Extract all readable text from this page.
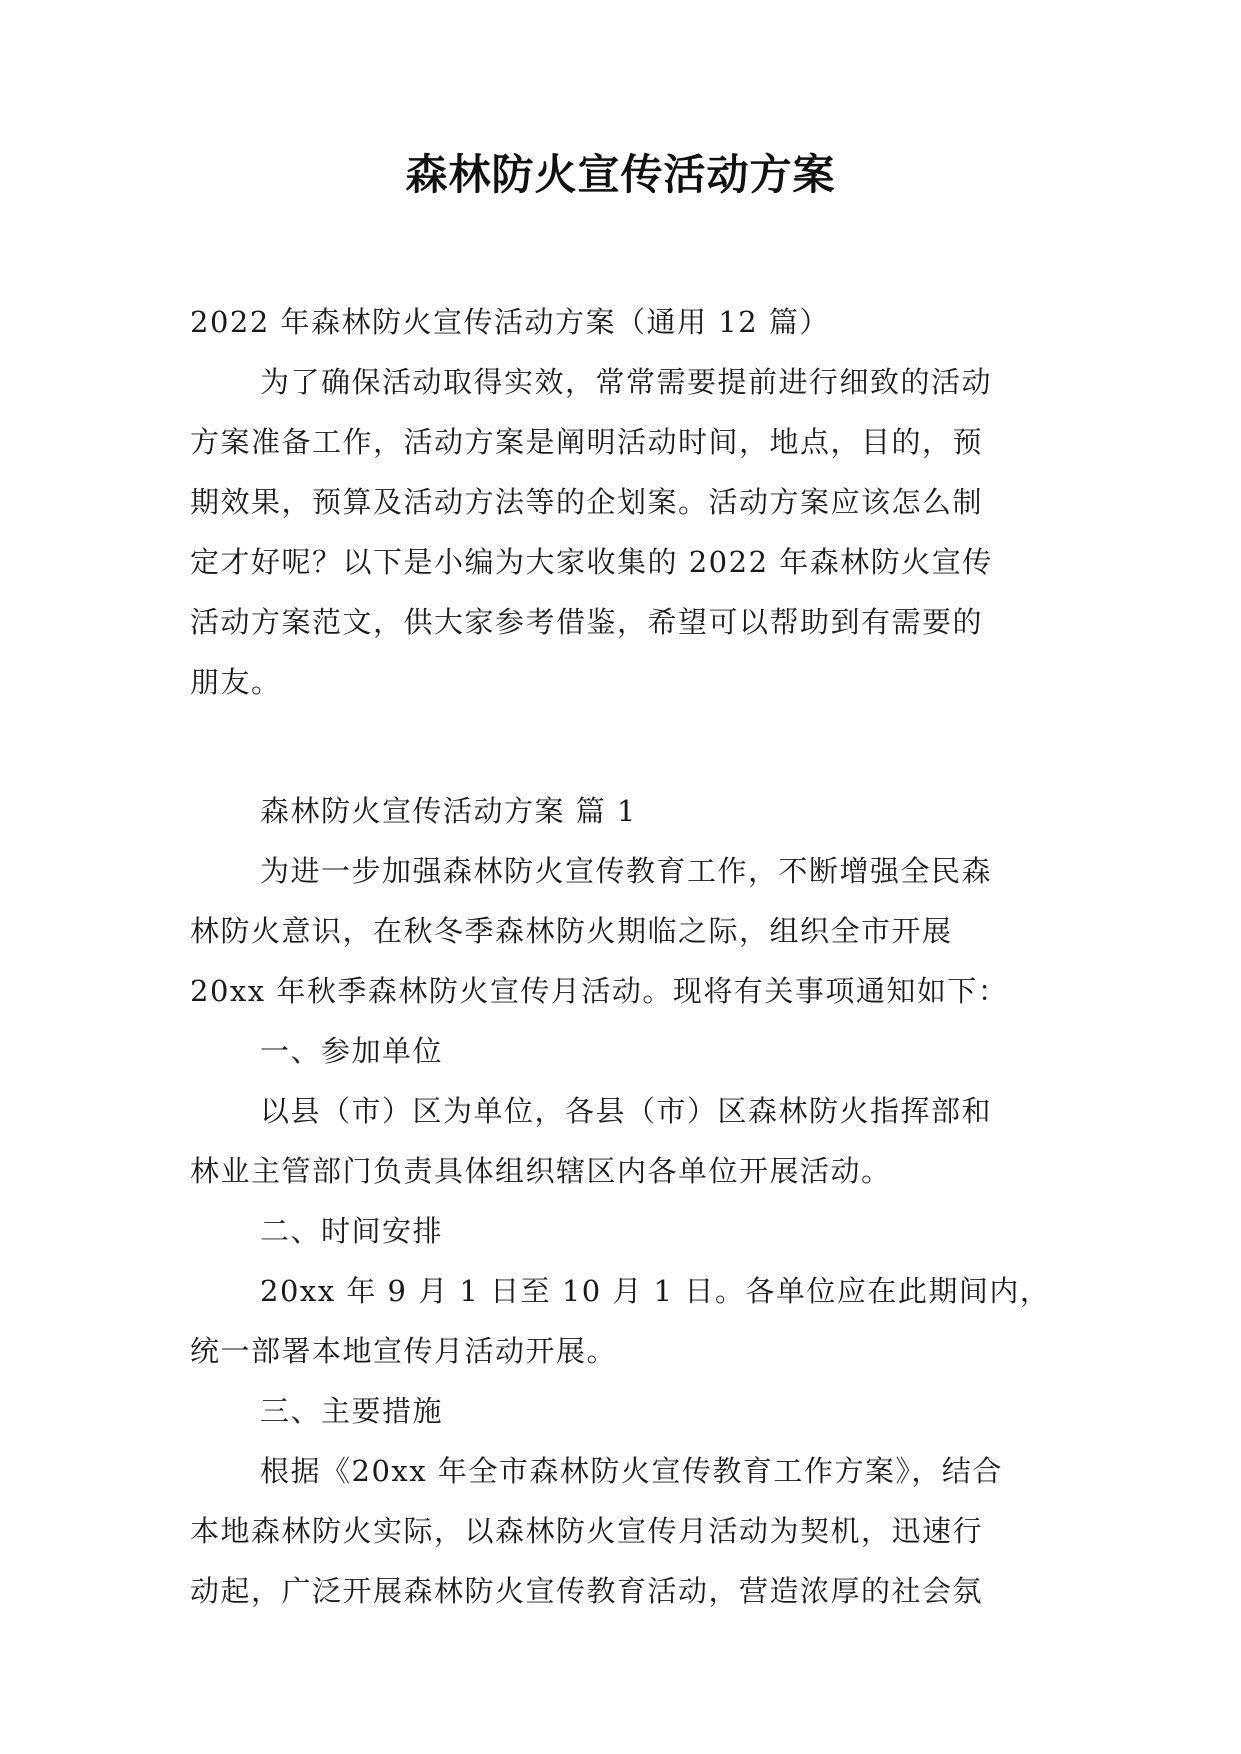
森林防火宣传活动方案
2022 年森林防火宣传活动方案（通用 12 篇）
为了确保活动取得实效，常常需要提前进行细致的活动
方案准备工作，活动方案是阐明活动时间，地点，目的，预
期效果，预算及活动方法等的企划案。活动方案应该怎么制
定才好呢？以下是小编为大家收集的 2022 年森林防火宣传
活动方案范文，供大家参考借鉴，希望可以帮助到有需要的
朋友。
森林防火宣传活动方案 篇 1
为进一步加强森林防火宣传教育工作，不断增强全民森
林防火意识，在秋冬季森林防火期临之际，组织全市开展
20xx 年秋季森林防火宣传月活动。现将有关事项通知如下：
一、参加单位
以县（市）区为单位，各县（市）区森林防火指挥部和
林业主管部门负责具体组织辖区内各单位开展活动。
二、时间安排
20xx 年 9 月 1 日至 10 月 1 日。各单位应在此期间内，
统一部署本地宣传月活动开展。
三、主要措施
根据《20xx 年全市森林防火宣传教育工作方案》，结合
本地森林防火实际，以森林防火宣传月活动为契机，迅速行
动起，广泛开展森林防火宣传教育活动，营造浓厚的社会氛
